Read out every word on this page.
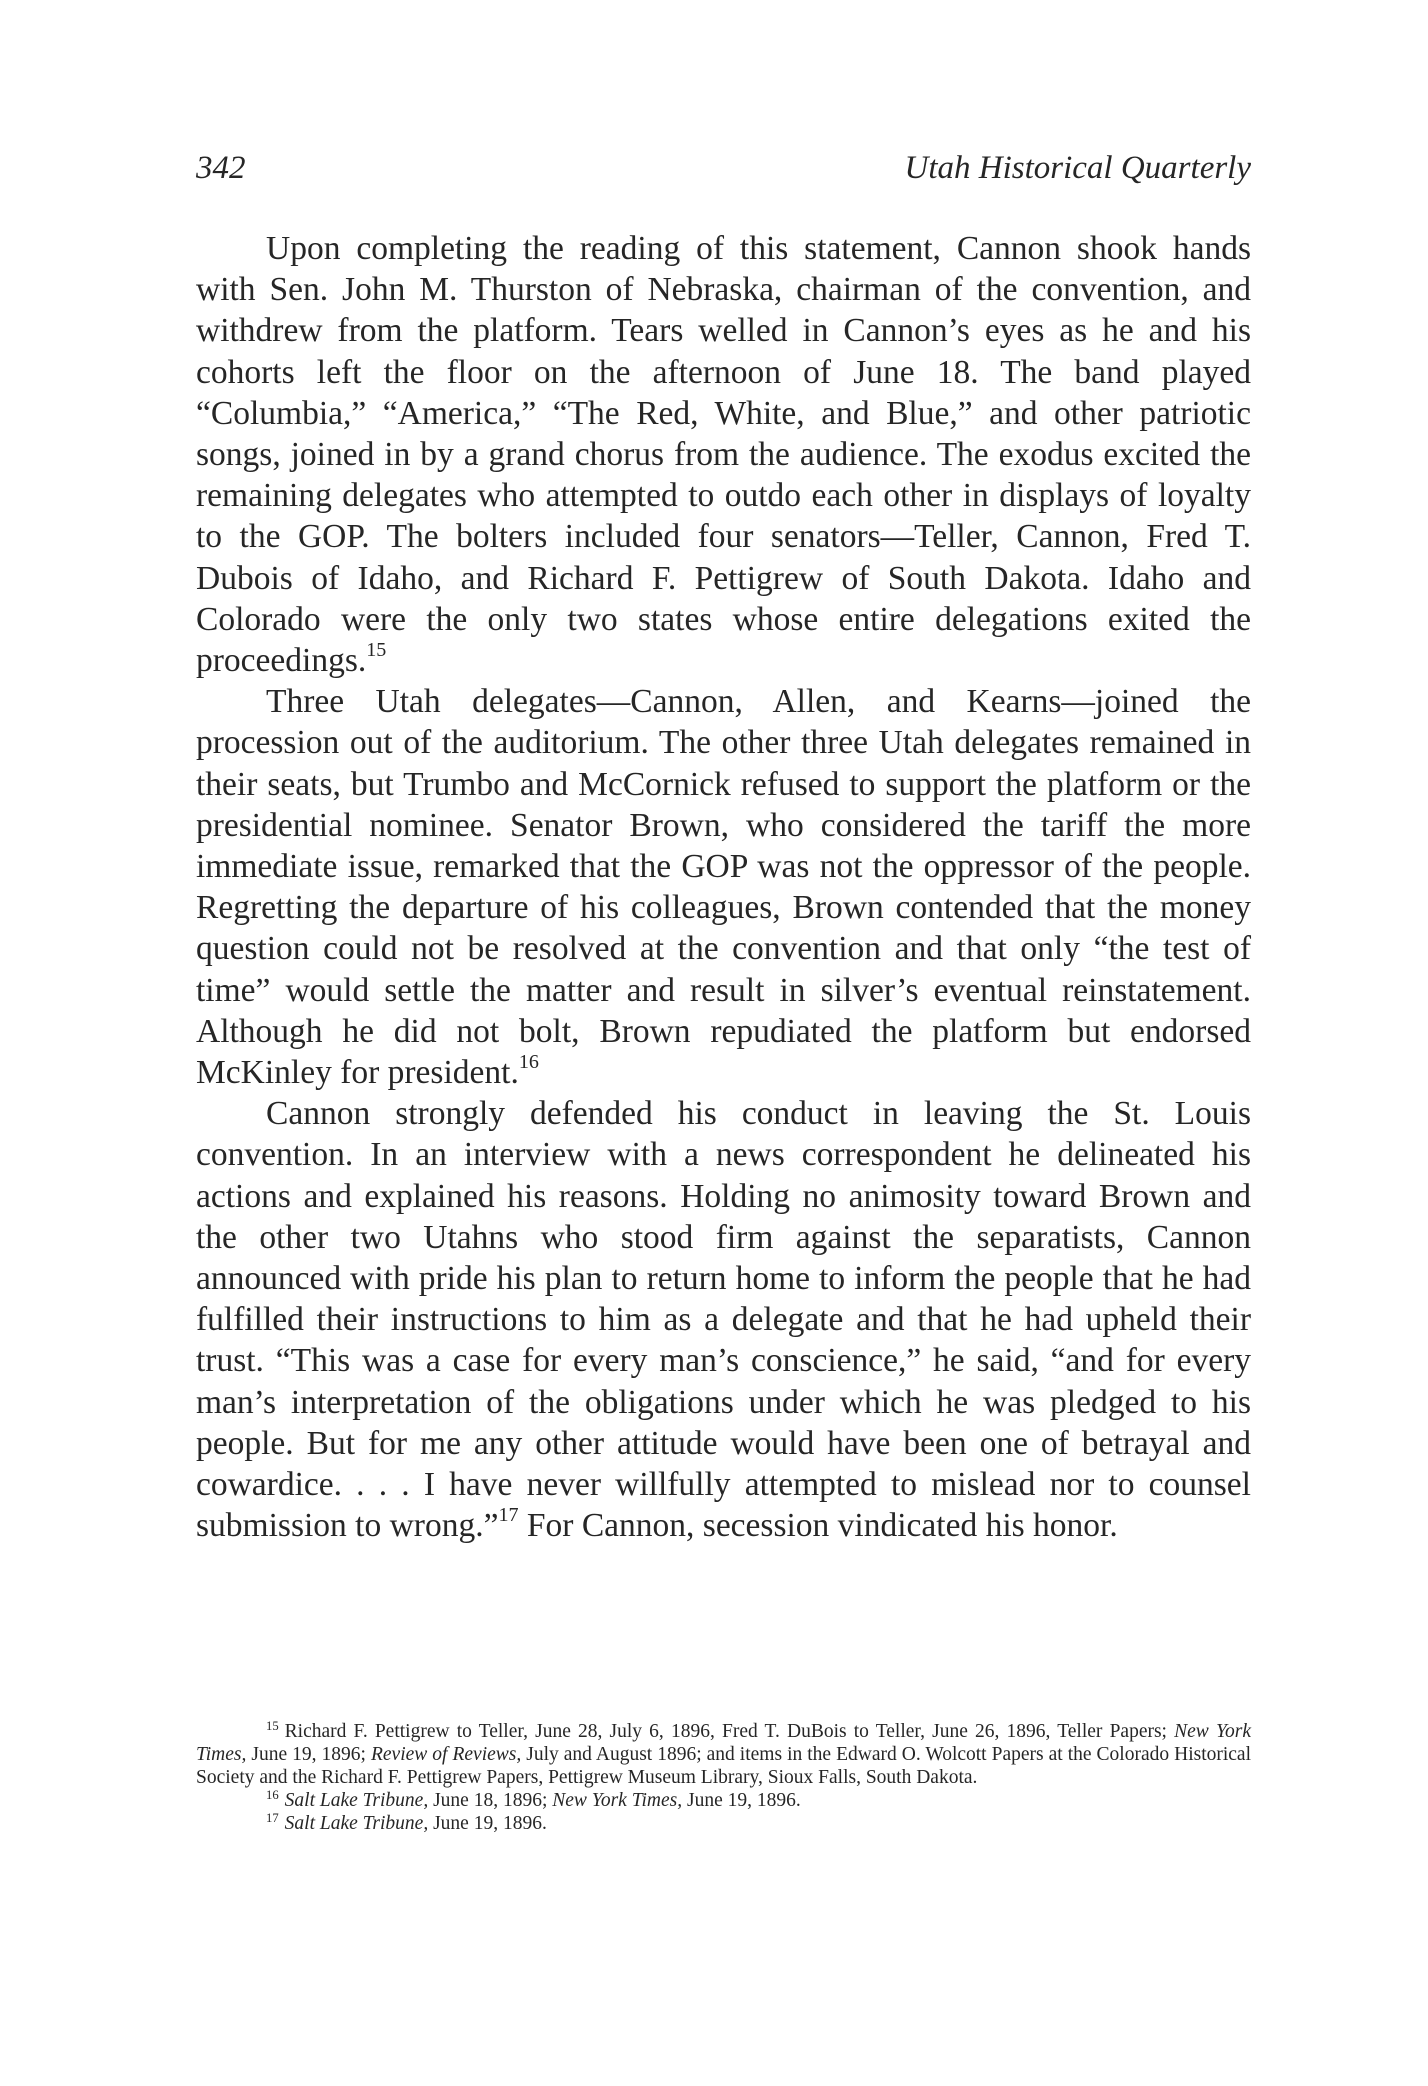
342	Utah Historical Quarterly

Upon completing the reading of this statement, Cannon shook hands with Sen. John M. Thurston of Nebraska, chairman of the convention, and withdrew from the platform. Tears welled in Cannon’s eyes as he and his cohorts left the floor on the afternoon of June 18. The band played “Columbia,” “America,” “The Red, White, and Blue,” and other patriotic songs, joined in by a grand chorus from the audience. The exodus excited the remaining delegates who attempted to outdo each other in displays of loyalty to the GOP. The bolters included four senators—Teller, Cannon, Fred T. Dubois of Idaho, and Richard F. Pettigrew of South Dakota. Idaho and Colorado were the only two states whose entire delegations exited the proceedings.$^{15}$

Three Utah delegates—Cannon, Allen, and Kearns—joined the procession out of the auditorium. The other three Utah delegates remained in their seats, but Trumbo and McCornick refused to support the platform or the presidential nominee. Senator Brown, who considered the tariff the more immediate issue, remarked that the GOP was not the oppressor of the people. Regretting the departure of his colleagues, Brown contended that the money question could not be resolved at the convention and that only “the test of time” would settle the matter and result in silver’s eventual reinstatement. Although he did not bolt, Brown repudiated the platform but endorsed McKinley for president.$^{16}$

Cannon strongly defended his conduct in leaving the St. Louis convention. In an interview with a news correspondent he delineated his actions and explained his reasons. Holding no animosity toward Brown and the other two Utahns who stood firm against the separatists, Cannon announced with pride his plan to return home to inform the people that he had fulfilled their instructions to him as a delegate and that he had upheld their trust. “This was a case for every man’s conscience,” he said, “and for every man’s interpretation of the obligations under which he was pledged to his people. But for me any other attitude would have been one of betrayal and cowardice. . . . I have never willfully attempted to mislead nor to counsel submission to wrong.”$^{17}$ For Cannon, secession vindicated his honor.

$^{15}$ Richard F. Pettigrew to Teller, June 28, July 6, 1896, Fred T. DuBois to Teller, June 26, 1896, Teller Papers; New York Times, June 19, 1896; Review of Reviews, July and August 1896; and items in the Edward O. Wolcott Papers at the Colorado Historical Society and the Richard F. Pettigrew Papers, Pettigrew Museum Library, Sioux Falls, South Dakota.

$^{16}$ Salt Lake Tribune, June 18, 1896; New York Times, June 19, 1896.

$^{17}$ Salt Lake Tribune, June 19, 1896.
